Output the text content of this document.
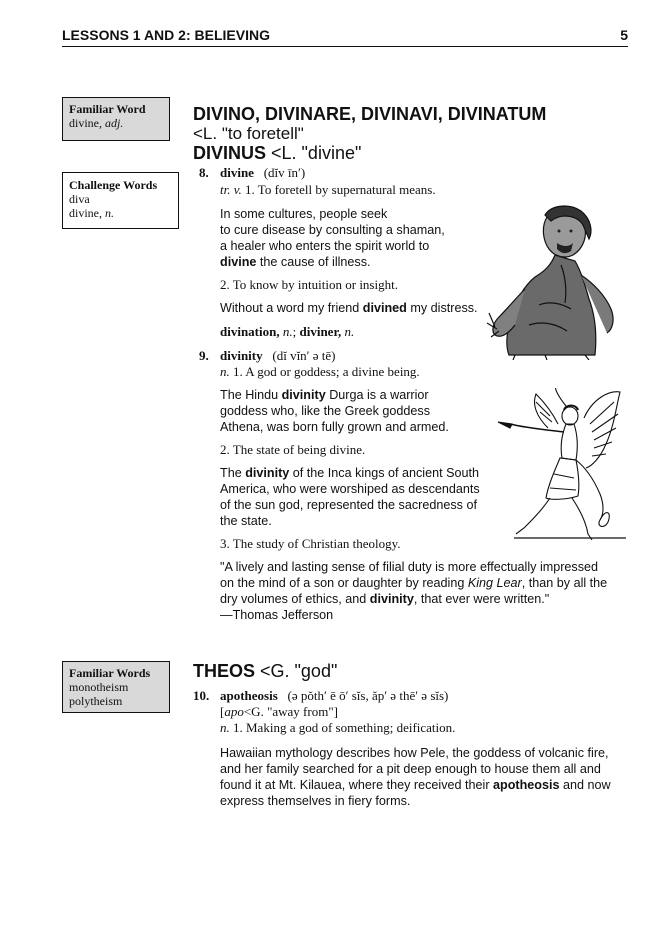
LESSONS 1 AND 2: BELIEVING	5
Familiar Word
divine, adj.
Challenge Words
diva
divine, n.
Familiar Words
monotheism
polytheism
DIVINO, DIVINARE, DIVINAVI, DIVINATUM
<L. "to foretell"
DIVINUS <L. "divine"
8. divine (dĭv īn′)
tr. v. 1. To foretell by supernatural means.
In some cultures, people seek
to cure disease by consulting a shaman,
a healer who enters the spirit world to
divine the cause of illness.
2. To know by intuition or insight.
Without a word my friend divined my distress.
divination, n.; diviner, n.
9. divinity (dĭ vĭn′ ə tē)
n. 1. A god or goddess; a divine being.
The Hindu divinity Durga is a warrior
goddess who, like the Greek goddess
Athena, was born fully grown and armed.
2. The state of being divine.
The divinity of the Inca kings of ancient South
America, who were worshiped as descendants
of the sun god, represented the sacredness of
the state.
3. The study of Christian theology.
"A lively and lasting sense of filial duty is more effectually impressed
on the mind of a son or daughter by reading King Lear, than by all the
dry volumes of ethics, and divinity, that ever were written."
—Thomas Jefferson
THEOS <G. "god"
10. apotheosis (ə pŏth′ ē ō′ sĭs, ăp′ ə thē′ ə sĭs)
[apo<G. "away from"]
n. 1. Making a god of something; deification.
Hawaiian mythology describes how Pele, the goddess of volcanic fire,
and her family searched for a pit deep enough to house them all and
found it at Mt. Kilauea, where they received their apotheosis and now
express themselves in fiery forms.
